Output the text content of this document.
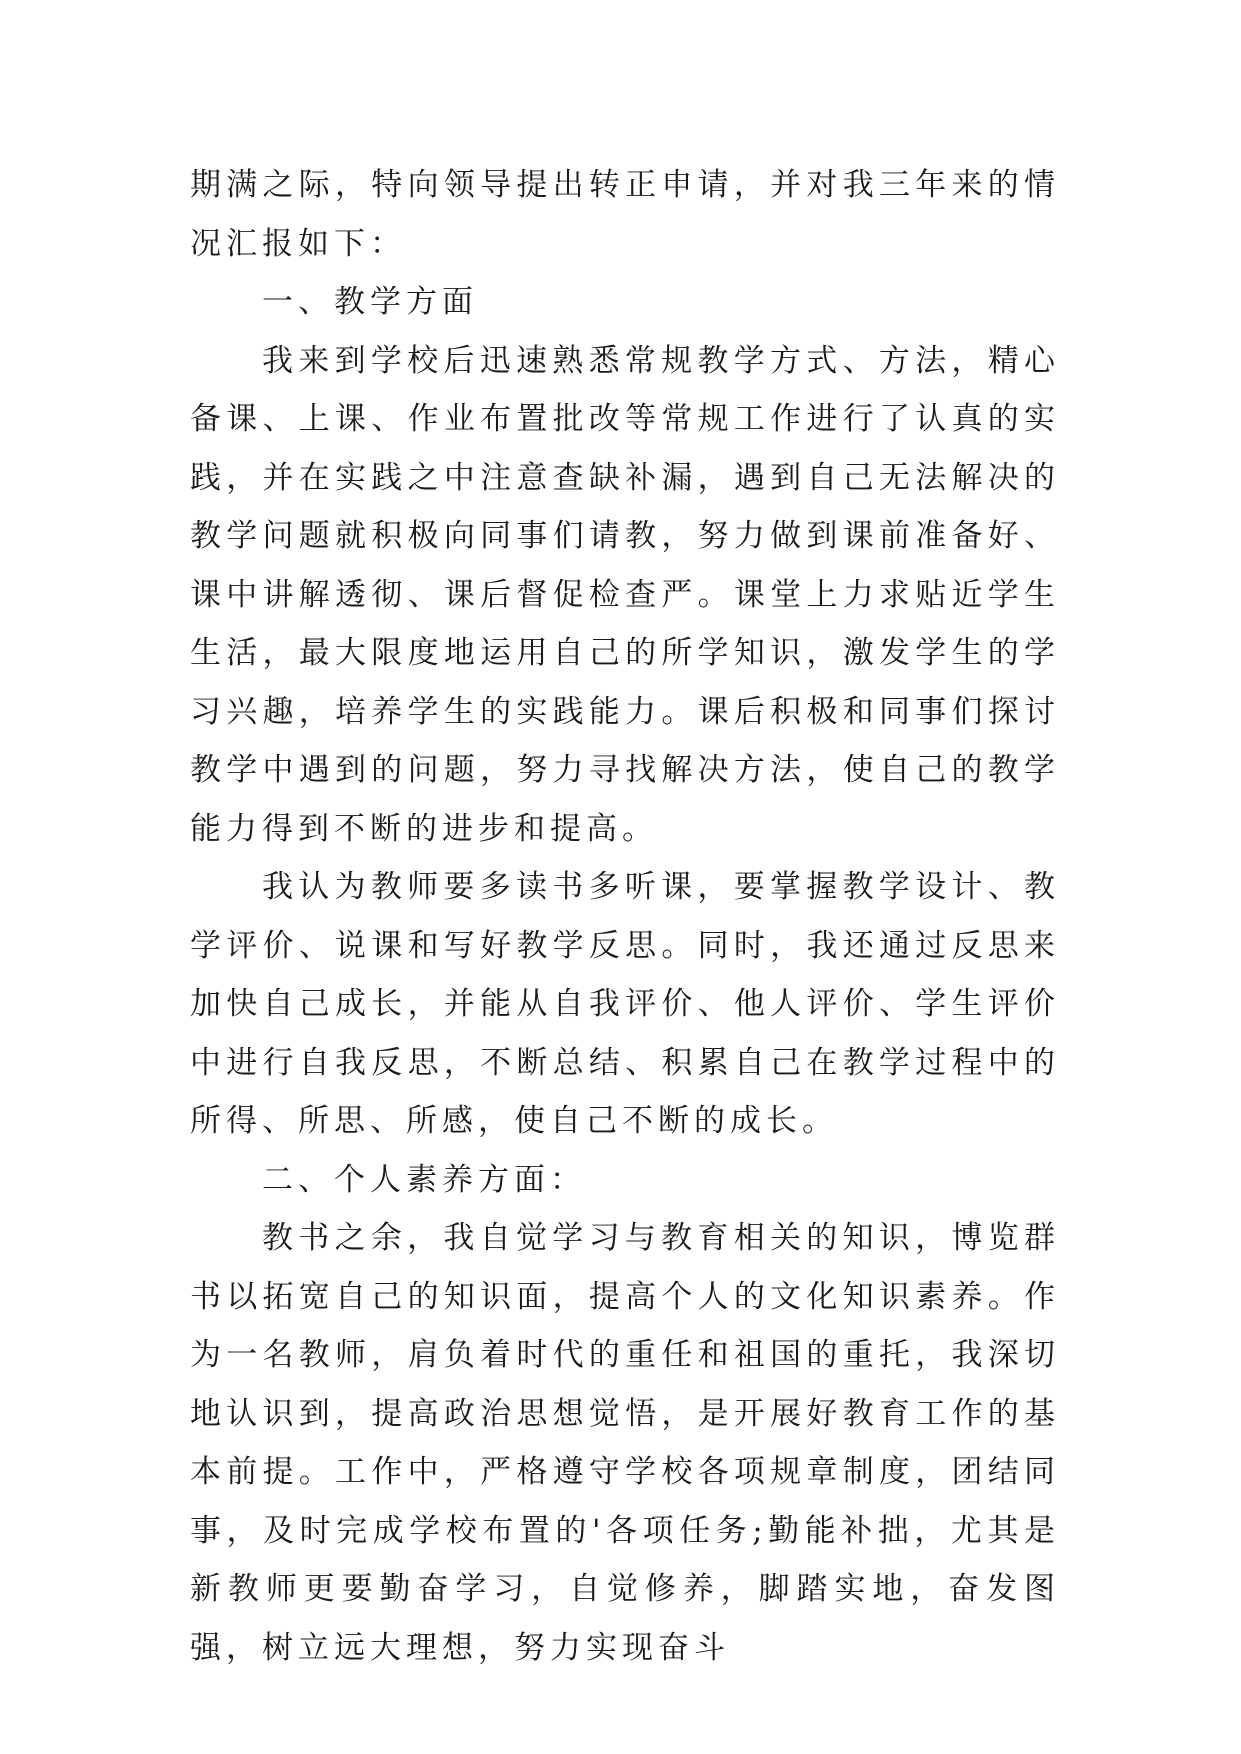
期满之际，特向领导提出转正申请，并对我三年来的情况汇报如下：

一、教学方面

我来到学校后迅速熟悉常规教学方式、方法，精心备课、上课、作业布置批改等常规工作进行了认真的实践，并在实践之中注意查缺补漏，遇到自己无法解决的教学问题就积极向同事们请教，努力做到课前准备好、课中讲解透彻、课后督促检查严。课堂上力求贴近学生生活，最大限度地运用自己的所学知识，激发学生的学习兴趣，培养学生的实践能力。课后积极和同事们探讨教学中遇到的问题，努力寻找解决方法，使自己的教学能力得到不断的进步和提高。

我认为教师要多读书多听课，要掌握教学设计、教学评价、说课和写好教学反思。同时，我还通过反思来加快自己成长，并能从自我评价、他人评价、学生评价中进行自我反思，不断总结、积累自己在教学过程中的所得、所思、所感，使自己不断的成长。

二、个人素养方面：

教书之余，我自觉学习与教育相关的知识，博览群书以拓宽自己的知识面，提高个人的文化知识素养。作为一名教师，肩负着时代的重任和祖国的重托，我深切地认识到，提高政治思想觉悟，是开展好教育工作的基本前提。工作中，严格遵守学校各项规章制度，团结同事，及时完成学校布置的'各项任务;勤能补拙，尤其是新教师更要勤奋学习，自觉修养，脚踏实地，奋发图强，树立远大理想，努力实现奋斗
